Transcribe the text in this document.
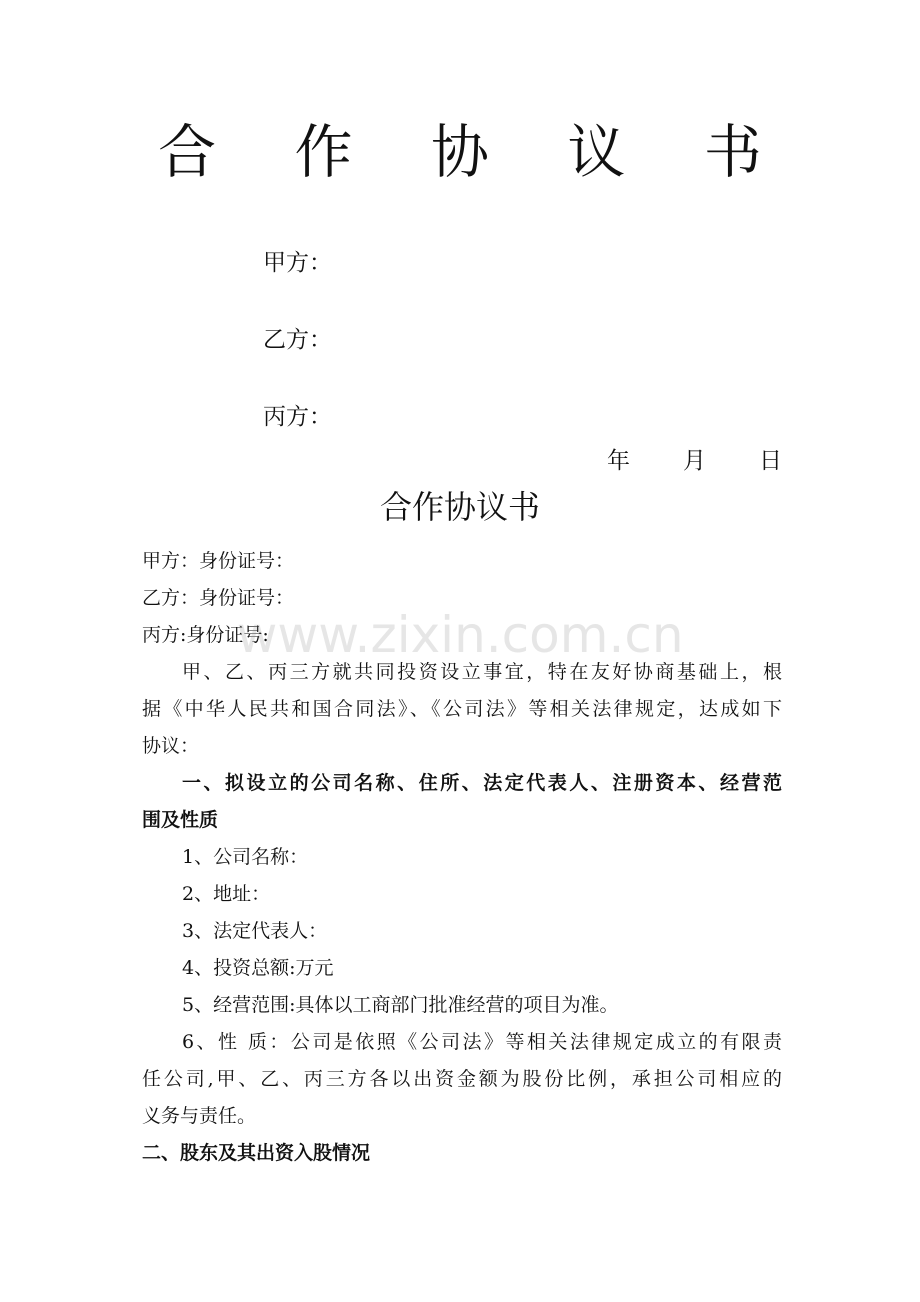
合 作 协 议 书
甲方：
乙方：
丙方：
年 月 日
合作协议书
甲方：身份证号：
乙方：身份证号：
丙方:身份证号:
甲、乙、丙三方就共同投资设立事宜，特在友好协商基础上，根
据《中华人民共和国合同法》、《公司法》等相关法律规定，达成如下
协议：
一、拟设立的公司名称、住所、法定代表人、注册资本、经营范
围及性质
1、公司名称：
2、地址：
3、法定代表人：
4、投资总额:万元
5、经营范围:具体以工商部门批准经营的项目为准。
6、性 质：公司是依照《公司法》等相关法律规定成立的有限责
任公司,甲、乙、丙三方各以出资金额为股份比例，承担公司相应的
义务与责任。
二、股东及其出资入股情况
www.zixin.com.cn
